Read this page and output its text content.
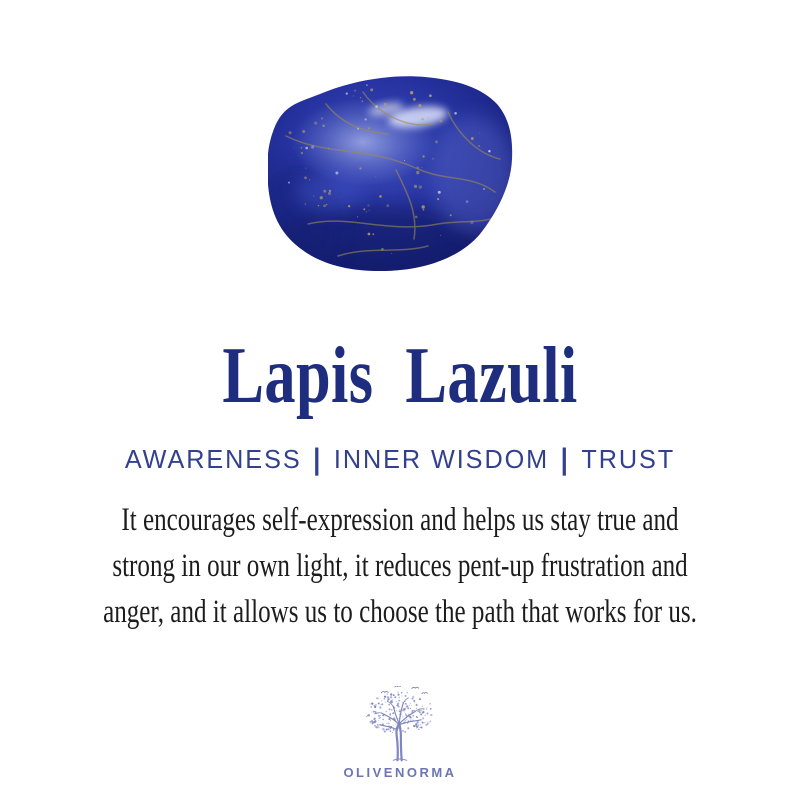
Lapis  Lazuli
AWARENESS | INNER WISDOM | TRUST
It encourages self-expression and helps us stay true and
strong in our own light, it reduces pent-up frustration and
anger, and it allows us to choose the path that works for us.
OLIVENORMA
